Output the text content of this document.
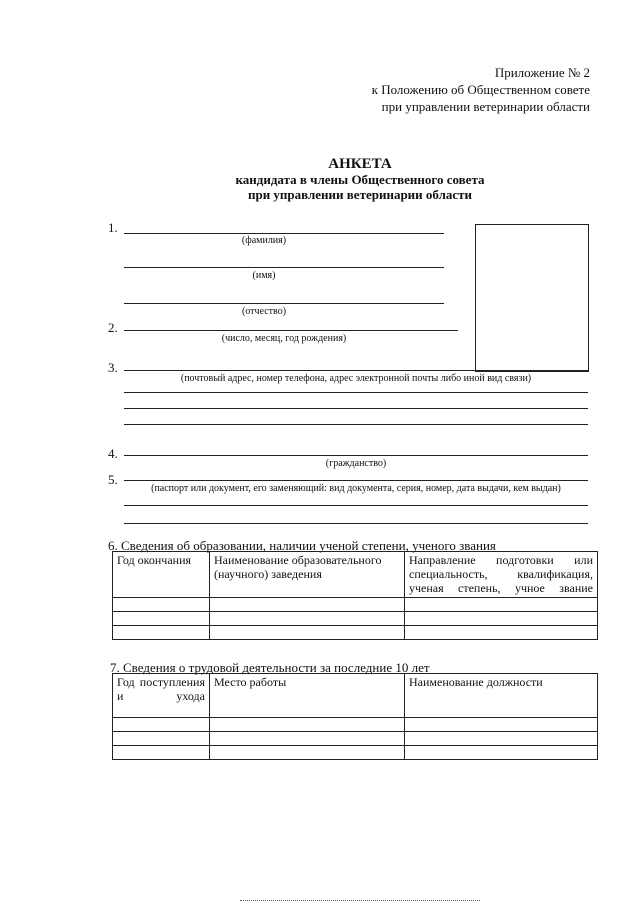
Приложение № 2
к Положению об Общественном совете
при управлении ветеринарии области
АНКЕТА
кандидата в члены Общественного совета
при управлении ветеринарии области
1.
(фамилия)
(имя)
(отчество)
2.
(число, месяц, год рождения)
3.
(почтовый адрес, номер телефона, адрес электронной почты либо иной вид связи)
4.
(гражданство)
5.
(паспорт или документ, его заменяющий: вид документа, серия, номер, дата выдачи, кем выдан)
6. Сведения об образовании, наличии ученой степени, ученого звания
Год окончания	Наименование образовательного (научного) заведения	Направление подготовки или специальность, квалификация, ученая степень, учное звание

7. Сведения о трудовой деятельности за последние 10 лет
Год поступления и ухода	Место работы	Наименование должности
